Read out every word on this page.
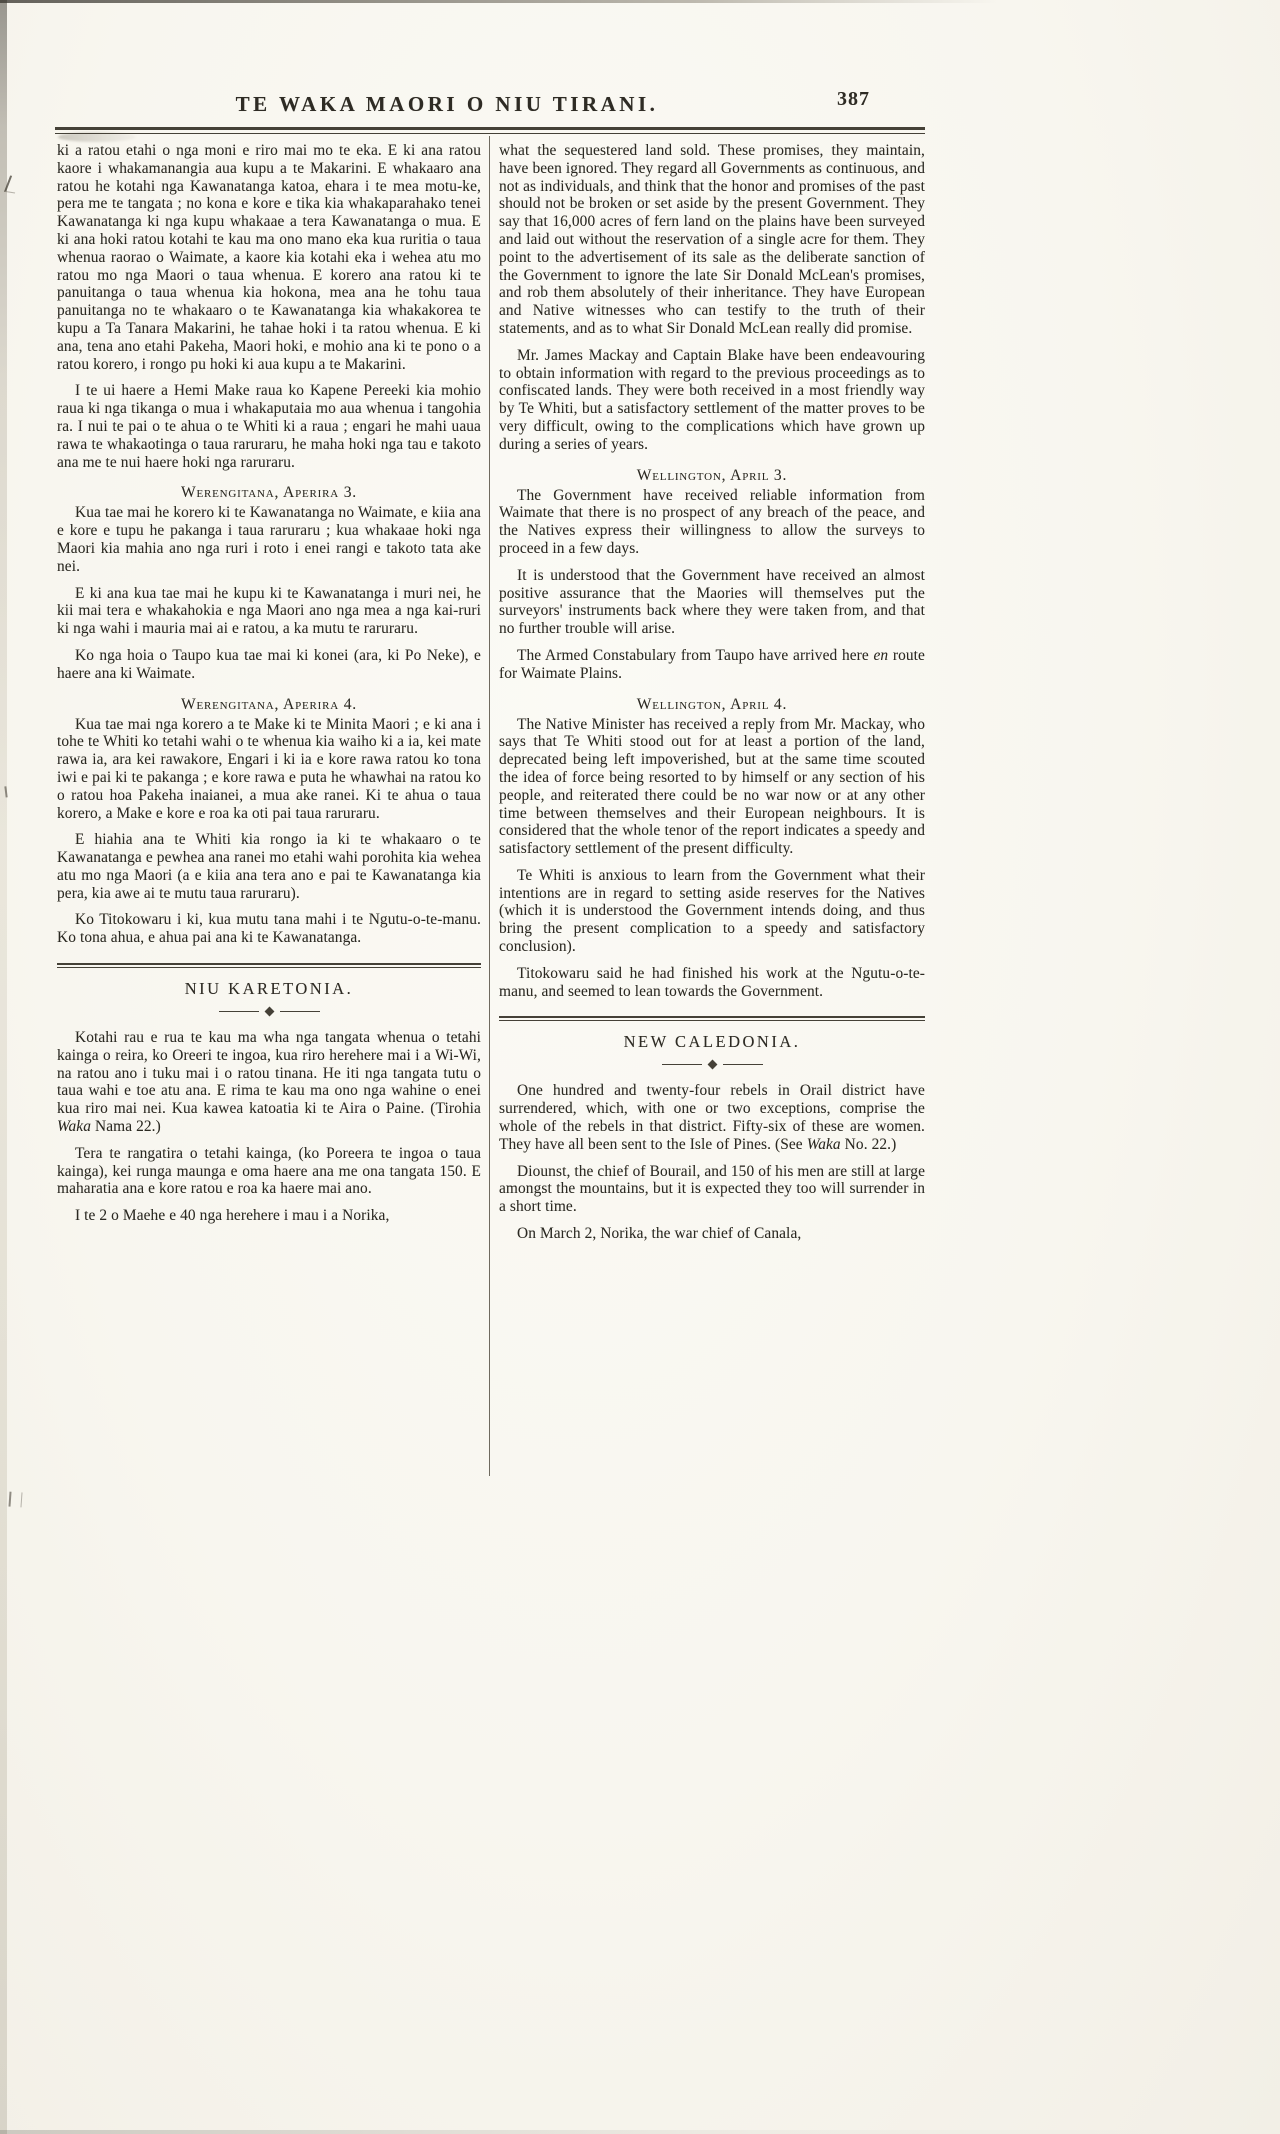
TE WAKA MAORI O NIU TIRANI.	387

ki a ratou etahi o nga moni e riro mai mo te eka. E ki ana ratou kaore i whakamanangia aua kupu a te Makarini. E whakaaro ana ratou he kotahi nga Kawanatanga katoa, ehara i te mea motu-ke, pera me te tangata ; no kona e kore e tika kia whakaparahako tenei Kawanatanga ki nga kupu whakaae a tera Kawanatanga o mua. E ki ana hoki ratou kotahi te kau ma ono mano eka kua ruritia o taua whenua raorao o Waimate, a kaore kia kotahi eka i wehea atu mo ratou mo nga Maori o taua whenua. E korero ana ratou ki te panuitanga o taua whenua kia hokona, mea ana he tohu taua panuitanga no te whakaaro o te Kawanatanga kia whakakorea te kupu a Ta Tanara Makarini, he tahae hoki i ta ratou whenua. E ki ana, tena ano etahi Pakeha, Maori hoki, e mohio ana ki te pono o a ratou korero, i rongo pu hoki ki aua kupu a te Makarini.

I te ui haere a Hemi Make raua ko Kapene Pereeki kia mohio raua ki nga tikanga o mua i whakaputaia mo aua whenua i tangohia ra. I nui te pai o te ahua o te Whiti ki a raua ; engari he mahi uaua rawa te whakaotinga o taua raruraru, he maha hoki nga tau e takoto ana me te nui haere hoki nga raruraru.

Werengitana, Aperira 3.

Kua tae mai he korero ki te Kawanatanga no Waimate, e kiia ana e kore e tupu he pakanga i taua raruraru ; kua whakaae hoki nga Maori kia mahia ano nga ruri i roto i enei rangi e takoto tata ake nei.

E ki ana kua tae mai he kupu ki te Kawanatanga i muri nei, he kii mai tera e whakahokia e nga Maori ano nga mea a nga kai-ruri ki nga wahi i mauria mai ai e ratou, a ka mutu te raruraru.

Ko nga hoia o Taupo kua tae mai ki konei (ara, ki Po Neke), e haere ana ki Waimate.

Werengitana, Aperira 4.

Kua tae mai nga korero a te Make ki te Minita Maori ; e ki ana i tohe te Whiti ko tetahi wahi o te whenua kia waiho ki a ia, kei mate rawa ia, ara kei rawakore, Engari i ki ia e kore rawa ratou ko tona iwi e pai ki te pakanga ; e kore rawa e puta he whawhai na ratou ko o ratou hoa Pakeha inaianei, a mua ake ranei. Ki te ahua o taua korero, a Make e kore e roa ka oti pai taua raruraru.

E hiahia ana te Whiti kia rongo ia ki te whakaaro o te Kawanatanga e pewhea ana ranei mo etahi wahi porohita kia wehea atu mo nga Maori (a e kiia ana tera ano e pai te Kawanatanga kia pera, kia awe ai te mutu taua raruraru).

Ko Titokowaru i ki, kua mutu tana mahi i te Ngutu-o-te-manu. Ko tona ahua, e ahua pai ana ki te Kawanatanga.

NIU KARETONIA.

Kotahi rau e rua te kau ma wha nga tangata whenua o tetahi kainga o reira, ko Oreeri te ingoa, kua riro herehere mai i a Wi-Wi, na ratou ano i tuku mai i o ratou tinana. He iti nga tangata tutu o taua wahi e toe atu ana. E rima te kau ma ono nga wahine o enei kua riro mai nei. Kua kawea katoatia ki te Aira o Paine. (Tirohia Waka Nama 22.)

Tera te rangatira o tetahi kainga, (ko Poreera te ingoa o taua kainga), kei runga maunga e oma haere ana me ona tangata 150. E maharatia ana e kore ratou e roa ka haere mai ano.

I te 2 o Maehe e 40 nga herehere i mau i a Norika,

what the sequestered land sold. These promises, they maintain, have been ignored. They regard all Governments as continuous, and not as individuals, and think that the honor and promises of the past should not be broken or set aside by the present Government. They say that 16,000 acres of fern land on the plains have been surveyed and laid out without the reservation of a single acre for them. They point to the advertisement of its sale as the deliberate sanction of the Government to ignore the late Sir Donald McLean's promises, and rob them absolutely of their inheritance. They have European and Native witnesses who can testify to the truth of their statements, and as to what Sir Donald McLean really did promise.

Mr. James Mackay and Captain Blake have been endeavouring to obtain information with regard to the previous proceedings as to confiscated lands. They were both received in a most friendly way by Te Whiti, but a satisfactory settlement of the matter proves to be very difficult, owing to the complications which have grown up during a series of years.

Wellington, April 3.

The Government have received reliable information from Waimate that there is no prospect of any breach of the peace, and the Natives express their willingness to allow the surveys to proceed in a few days.

It is understood that the Government have received an almost positive assurance that the Maories will themselves put the surveyors' instruments back where they were taken from, and that no further trouble will arise.

The Armed Constabulary from Taupo have arrived here en route for Waimate Plains.

Wellington, April 4.

The Native Minister has received a reply from Mr. Mackay, who says that Te Whiti stood out for at least a portion of the land, deprecated being left impoverished, but at the same time scouted the idea of force being resorted to by himself or any section of his people, and reiterated there could be no war now or at any other time between themselves and their European neighbours. It is considered that the whole tenor of the report indicates a speedy and satisfactory settlement of the present difficulty.

Te Whiti is anxious to learn from the Government what their intentions are in regard to setting aside reserves for the Natives (which it is understood the Government intends doing, and thus bring the present complication to a speedy and satisfactory conclusion).

Titokowaru said he had finished his work at the Ngutu-o-te-manu, and seemed to lean towards the Government.

NEW CALEDONIA.

One hundred and twenty-four rebels in Orail district have surrendered, which, with one or two exceptions, comprise the whole of the rebels in that district. Fifty-six of these are women. They have all been sent to the Isle of Pines. (See Waka No. 22.)

Diounst, the chief of Bourail, and 150 of his men are still at large amongst the mountains, but it is expected they too will surrender in a short time.

On March 2, Norika, the war chief of Canala,
